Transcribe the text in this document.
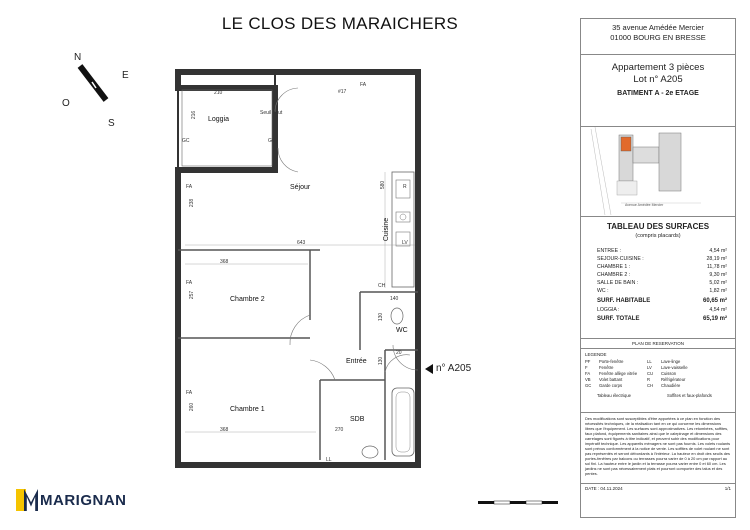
LE CLOS DES MARAICHERS
N
E
S
O
Loggia
Séjour
Cuisine
Chambre 2
Chambre 1
Entrée
SDB
WC
210
216
643
580
368
368
238
257
260
270
130
130
140
20
FA
FA
FA
FA
GC	GC
R
LV
CH
LL
Seuil haut
#17
n° A205
MARIGNAN
35 avenue Amédée Mercier
01000 BOURG EN BRESSE
Appartement 3 pièces
Lot n° A205
BATIMENT A - 2e ETAGE
Avenue Amédée Mercier
TABLEAU DES SURFACES
(compris placards)
ENTREE :	4,54 m²
SEJOUR-CUISINE :	28,19 m²
CHAMBRE 1 :	11,78 m²
CHAMBRE 2 :	9,30 m²
SALLE DE BAIN :	5,02 m²
WC :	1,82 m²
SURF. HABITABLE	60,65 m²
LOGGIA :	4,54 m²
SURF. TOTALE	65,19 m²
PLAN DE RESERVATION
LEGENDE
PF	Porte-fenêtre	LL	Lave-linge
F	Fenêtre	LV	Lave-vaisselle
FA	Fenêtre allège vitrée	CU	Cuisson
VB	Volet battant	R	Réfrigérateur
GC	Garde corps	CH	Chaudière
Tableau électrique	Soffites et faux-plafonds
Des modifications sont susceptibles d'être apportées à ce plan en fonction des nécessités techniques, de la réalisation tant en ce qui concerne les dimensions libres que l'équipement. Les surfaces sont approximatives. Les retombées, soffites, faux plafond, équipements sanitaires ainsi que le calepinage et dimensions des carrelages sont figurés à titre indicatif, et peuvent subir des modifications pour impératif technique. Les appareils ménagers ne sont pas fournis. Les volets roulants sont prévus conformément à la notice de vente. Les soffites de volet roulant ne sont pas représentés et seront débordants à l'intérieur. La hauteur en droit des seuils des portes-fenêtres par balcons ou terrasses pourra varier de 0 à 20 cm par rapport au sol fini. La hauteur entre le jardin et la terrasse pourra varier entre 0 et 60 cm. Les jardins ne sont pas nécessairement plats et pourront comporter des talus et des pentes.
DATE : 04.11.2024	1/1
